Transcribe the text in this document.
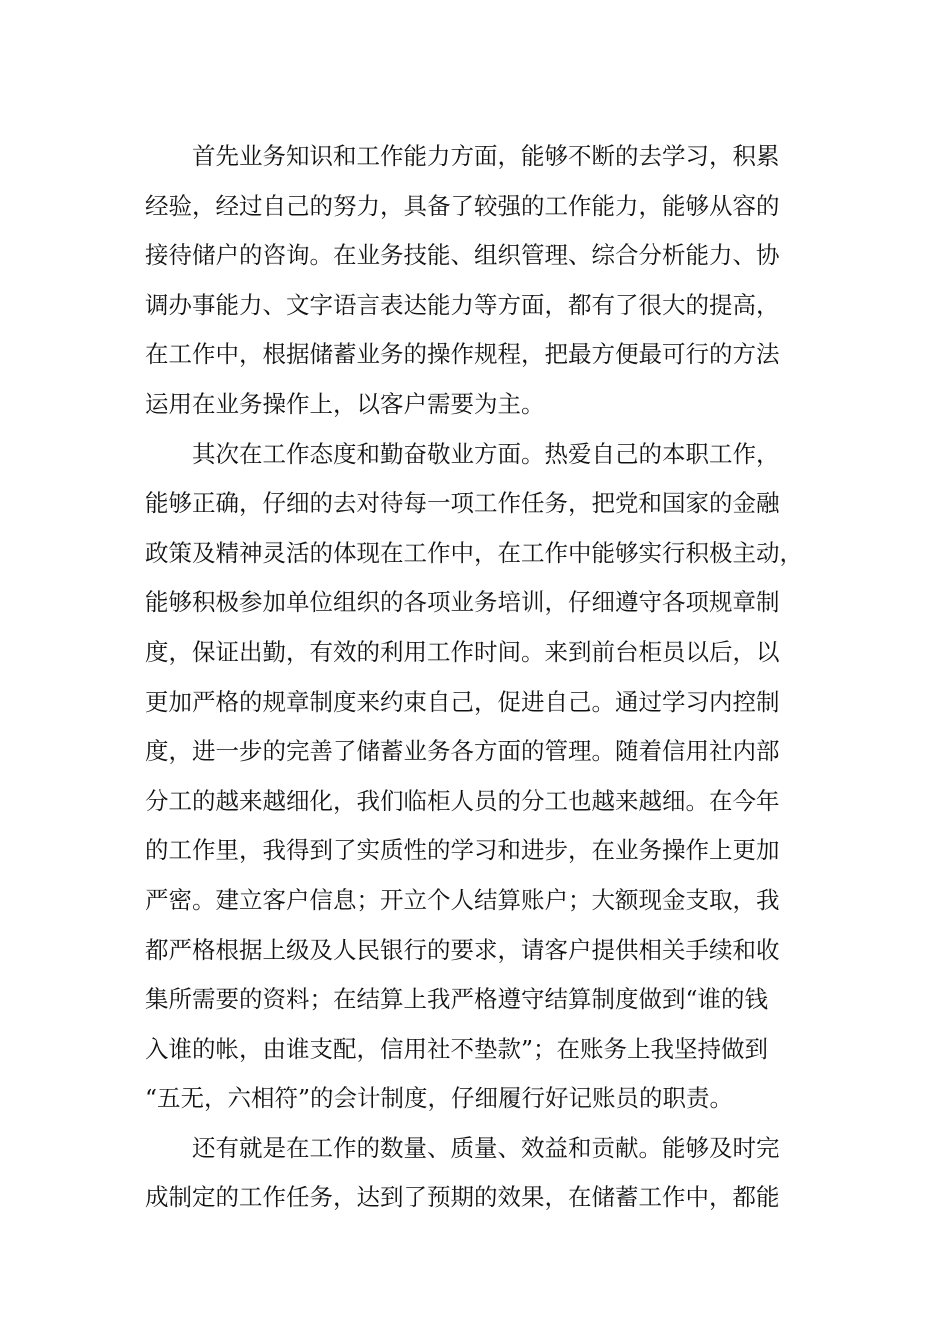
首先业务知识和工作能力方面，能够不断的去学习，积累
经验，经过自己的努力，具备了较强的工作能力，能够从容的
接待储户的咨询。在业务技能、组织管理、综合分析能力、协
调办事能力、文字语言表达能力等方面，都有了很大的提高，
在工作中，根据储蓄业务的操作规程，把最方便最可行的方法
运用在业务操作上，以客户需要为主。
其次在工作态度和勤奋敬业方面。热爱自己的本职工作，
能够正确，仔细的去对待每一项工作任务，把党和国家的金融
政策及精神灵活的体现在工作中，在工作中能够实行积极主动，
能够积极参加单位组织的各项业务培训，仔细遵守各项规章制
度，保证出勤，有效的利用工作时间。来到前台柜员以后，以
更加严格的规章制度来约束自己，促进自己。通过学习内控制
度，进一步的完善了储蓄业务各方面的管理。随着信用社内部
分工的越来越细化，我们临柜人员的分工也越来越细。在今年
的工作里，我得到了实质性的学习和进步，在业务操作上更加
严密。建立客户信息；开立个人结算账户；大额现金支取，我
都严格根据上级及人民银行的要求，请客户提供相关手续和收
集所需要的资料；在结算上我严格遵守结算制度做到“谁的钱
入谁的帐，由谁支配，信用社不垫款”；在账务上我坚持做到
“五无，六相符”的会计制度，仔细履行好记账员的职责。
还有就是在工作的数量、质量、效益和贡献。能够及时完
成制定的工作任务，达到了预期的效果，在储蓄工作中，都能
